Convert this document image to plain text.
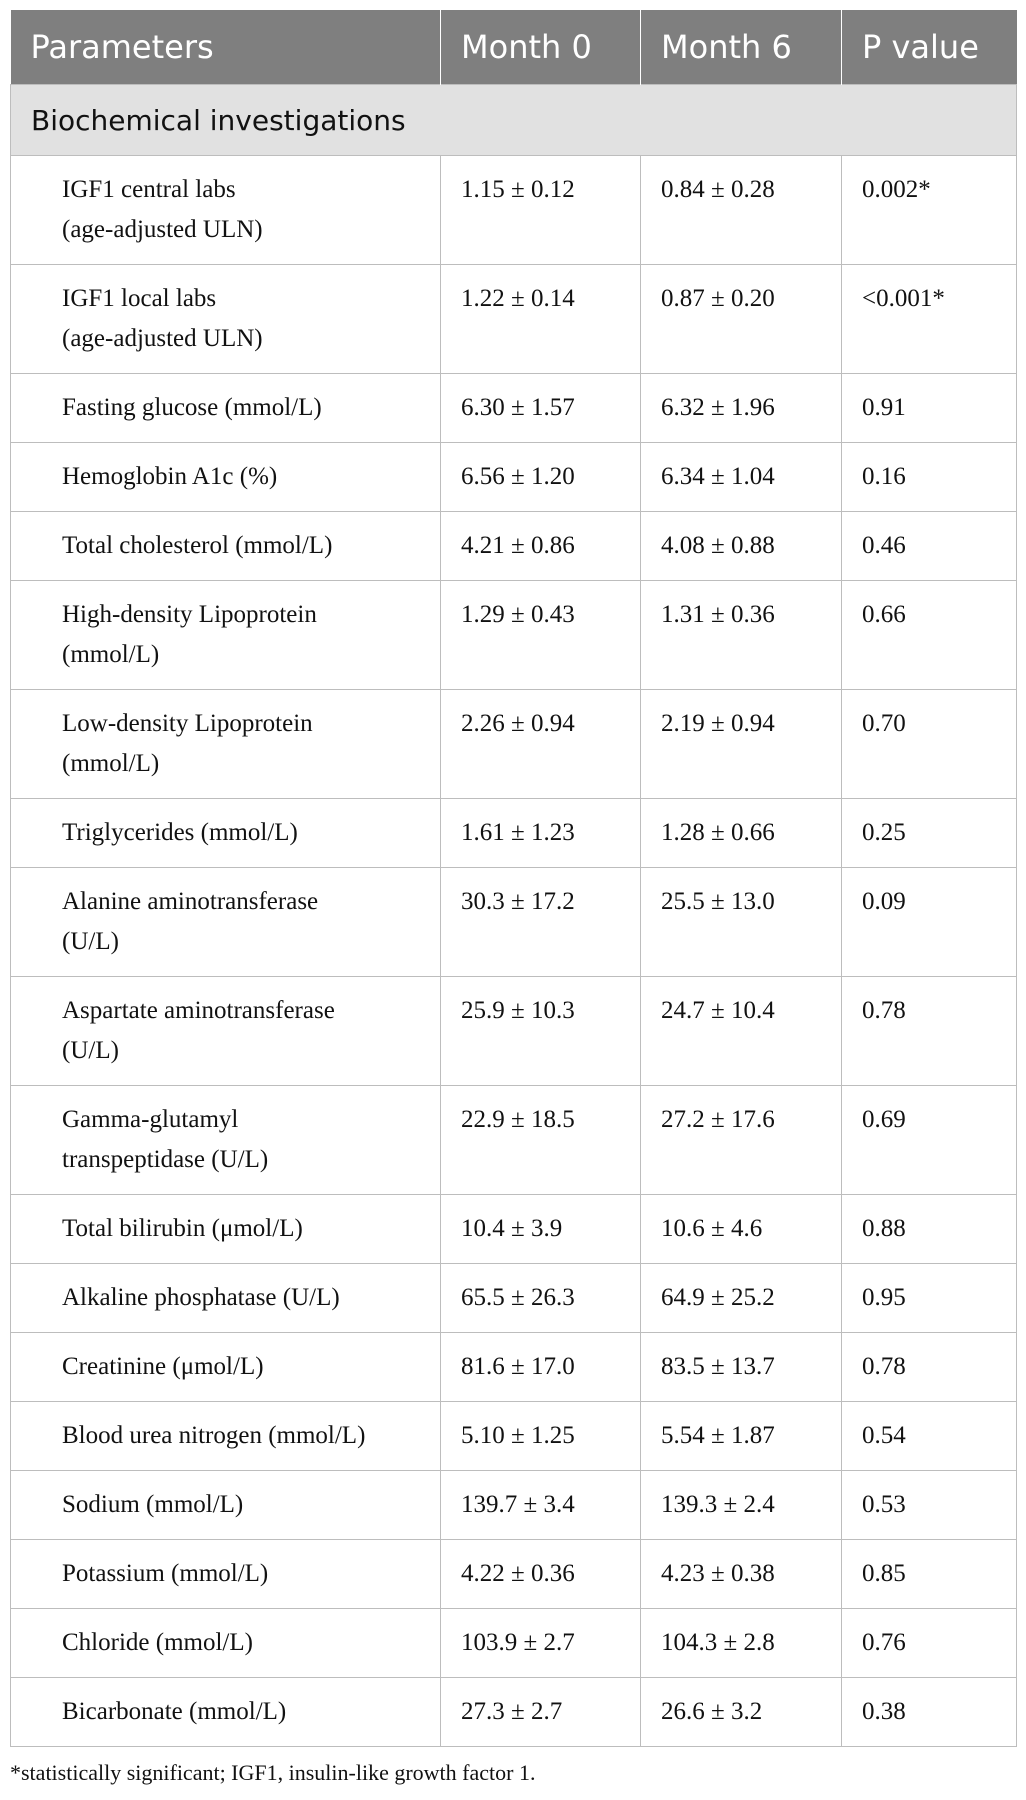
Parameters	Month 0	Month 6	P value
Biochemical investigations			
IGF1 central labs
(age-adjusted ULN)	1.15 ± 0.12	0.84 ± 0.28	0.002*
IGF1 local labs
(age-adjusted ULN)	1.22 ± 0.14	0.87 ± 0.20	<0.001*
Fasting glucose (mmol/L)	6.30 ± 1.57	6.32 ± 1.96	0.91
Hemoglobin A1c (%)	6.56 ± 1.20	6.34 ± 1.04	0.16
Total cholesterol (mmol/L)	4.21 ± 0.86	4.08 ± 0.88	0.46
High-density Lipoprotein
(mmol/L)	1.29 ± 0.43	1.31 ± 0.36	0.66
Low-density Lipoprotein
(mmol/L)	2.26 ± 0.94	2.19 ± 0.94	0.70
Triglycerides (mmol/L)	1.61 ± 1.23	1.28 ± 0.66	0.25
Alanine aminotransferase
(U/L)	30.3 ± 17.2	25.5 ± 13.0	0.09
Aspartate aminotransferase
(U/L)	25.9 ± 10.3	24.7 ± 10.4	0.78
Gamma-glutamyl
transpeptidase (U/L)	22.9 ± 18.5	27.2 ± 17.6	0.69
Total bilirubin (μmol/L)	10.4 ± 3.9	10.6 ± 4.6	0.88
Alkaline phosphatase (U/L)	65.5 ± 26.3	64.9 ± 25.2	0.95
Creatinine (μmol/L)	81.6 ± 17.0	83.5 ± 13.7	0.78
Blood urea nitrogen (mmol/L)	5.10 ± 1.25	5.54 ± 1.87	0.54
Sodium (mmol/L)	139.7 ± 3.4	139.3 ± 2.4	0.53
Potassium (mmol/L)	4.22 ± 0.36	4.23 ± 0.38	0.85
Chloride (mmol/L)	103.9 ± 2.7	104.3 ± 2.8	0.76
Bicarbonate (mmol/L)	27.3 ± 2.7	26.6 ± 3.2	0.38
*statistically significant; IGF1, insulin-like growth factor 1.
